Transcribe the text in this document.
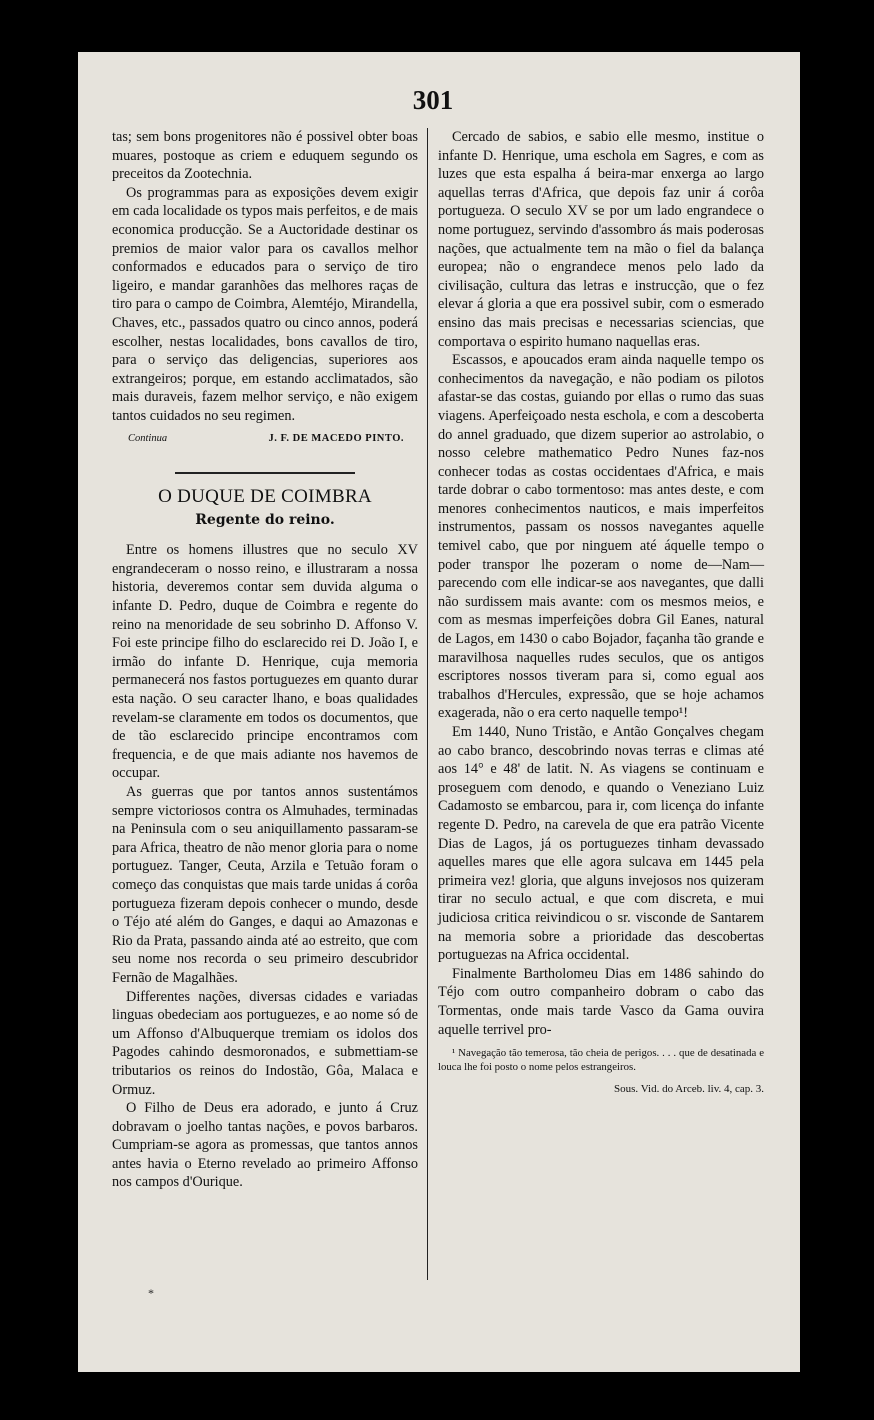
301

tas; sem bons progenitores não é possivel obter boas muares, postoque as criem e eduquem segundo os preceitos da Zootechnia.

Os programmas para as exposições devem exigir em cada localidade os typos mais perfeitos, e de mais economica producção. Se a Auctoridade destinar os premios de maior valor para os cavallos melhor conformados e educados para o serviço de tiro ligeiro, e mandar garanhões das melhores raças de tiro para o campo de Coimbra, Alemtéjo, Mirandella, Chaves, etc., passados quatro ou cinco annos, poderá escolher, nestas localidades, bons cavallos de tiro, para o serviço das deligencias, superiores aos extrangeiros; porque, em estando acclimatados, são mais duraveis, fazem melhor serviço, e não exigem tantos cuidados no seu regimen.

Continua	J. F. DE MACEDO PINTO.
O DUQUE DE COIMBRA
Regente do reino.

Entre os homens illustres que no seculo XV engrandeceram o nosso reino, e illustraram a nossa historia, deveremos contar sem duvida alguma o infante D. Pedro, duque de Coimbra e regente do reino na menoridade de seu sobrinho D. Affonso V. Foi este principe filho do esclarecido rei D. João I, e irmão do infante D. Henrique, cuja memoria permanecerá nos fastos portuguezes em quanto durar esta nação. O seu caracter lhano, e boas qualidades revelam-se claramente em todos os documentos, que de tão esclarecido principe encontramos com frequencia, e de que mais adiante nos havemos de occupar.

As guerras que por tantos annos sustentámos sempre victoriosos contra os Almuhades, terminadas na Peninsula com o seu aniquillamento passaram-se para Africa, theatro de não menor gloria para o nome portuguez. Tanger, Ceuta, Arzila e Tetuão foram o começo das conquistas que mais tarde unidas á corôa portugueza fizeram depois conhecer o mundo, desde o Téjo até além do Ganges, e daqui ao Amazonas e Rio da Prata, passando ainda até ao estreito, que com seu nome nos recorda o seu primeiro descubridor Fernão de Magalhães.

Differentes nações, diversas cidades e variadas linguas obedeciam aos portuguezes, e ao nome só de um Affonso d'Albuquerque tremiam os idolos dos Pagodes cahindo desmoronados, e submettiam-se tributarios os reinos do Indostão, Gôa, Malaca e Ormuz.

O Filho de Deus era adorado, e junto á Cruz dobravam o joelho tantas nações, e povos barbaros. Cumpriam-se agora as promessas, que tantos annos antes havia o Eterno revelado ao primeiro Affonso nos campos d'Ourique.

Cercado de sabios, e sabio elle mesmo, institue o infante D. Henrique, uma eschola em Sagres, e com as luzes que esta espalha á beira-mar enxerga ao largo aquellas terras d'Africa, que depois faz unir á corôa portugueza. O seculo XV se por um lado engrandece o nome portuguez, servindo d'assombro ás mais poderosas nações, que actualmente tem na mão o fiel da balança europea; não o engrandece menos pelo lado da civilisação, cultura das letras e instrucção, que o fez elevar á gloria a que era possivel subir, com o esmerado ensino das mais precisas e necessarias sciencias, que comportava o espirito humano naquellas eras.

Escassos, e apoucados eram ainda naquelle tempo os conhecimentos da navegação, e não podiam os pilotos afastar-se das costas, guiando por ellas o rumo das suas viagens. Aperfeiçoado nesta eschola, e com a descoberta do annel graduado, que dizem superior ao astrolabio, o nosso celebre mathematico Pedro Nunes faz-nos conhecer todas as costas occidentaes d'Africa, e mais tarde dobrar o cabo tormentoso: mas antes deste, e com menores conhecimentos nauticos, e mais imperfeitos instrumentos, passam os nossos navegantes aquelle temivel cabo, que por ninguem até áquelle tempo o poder transpor lhe pozeram o nome de—Nam—parecendo com elle indicar-se aos navegantes, que dalli não surdissem mais avante: com os mesmos meios, e com as mesmas imperfeições dobra Gil Eanes, natural de Lagos, em 1430 o cabo Bojador, façanha tão grande e maravilhosa naquelles rudes seculos, que os antigos escriptores nossos tiveram para si, como egual aos trabalhos d'Hercules, expressão, que se hoje achamos exagerada, não o era certo naquelle tempo¹!

Em 1440, Nuno Tristão, e Antão Gonçalves chegam ao cabo branco, descobrindo novas terras e climas até aos 14° e 48' de latit. N. As viagens se continuam e proseguem com denodo, e quando o Veneziano Luiz Cadamosto se embarcou, para ir, com licença do infante regente D. Pedro, na carevela de que era patrão Vicente Dias de Lagos, já os portuguezes tinham devassado aquelles mares que elle agora sulcava em 1445 pela primeira vez! gloria, que alguns invejosos nos quizeram tirar no seculo actual, e que com discreta, e mui judiciosa critica reivindicou o sr. visconde de Santarem na memoria sobre a prioridade das descobertas portuguezas na Africa occidental.

Finalmente Bartholomeu Dias em 1486 sahindo do Téjo com outro companheiro dobram o cabo das Tormentas, onde mais tarde Vasco da Gama ouvira aquelle terrivel pro-

¹ Navegação tão temerosa, tão cheia de perigos. . . . que de desatinada e louca lhe foi posto o nome pelos estrangeiros.

Sous. Vid. do Arceb. liv. 4, cap. 3.
*
